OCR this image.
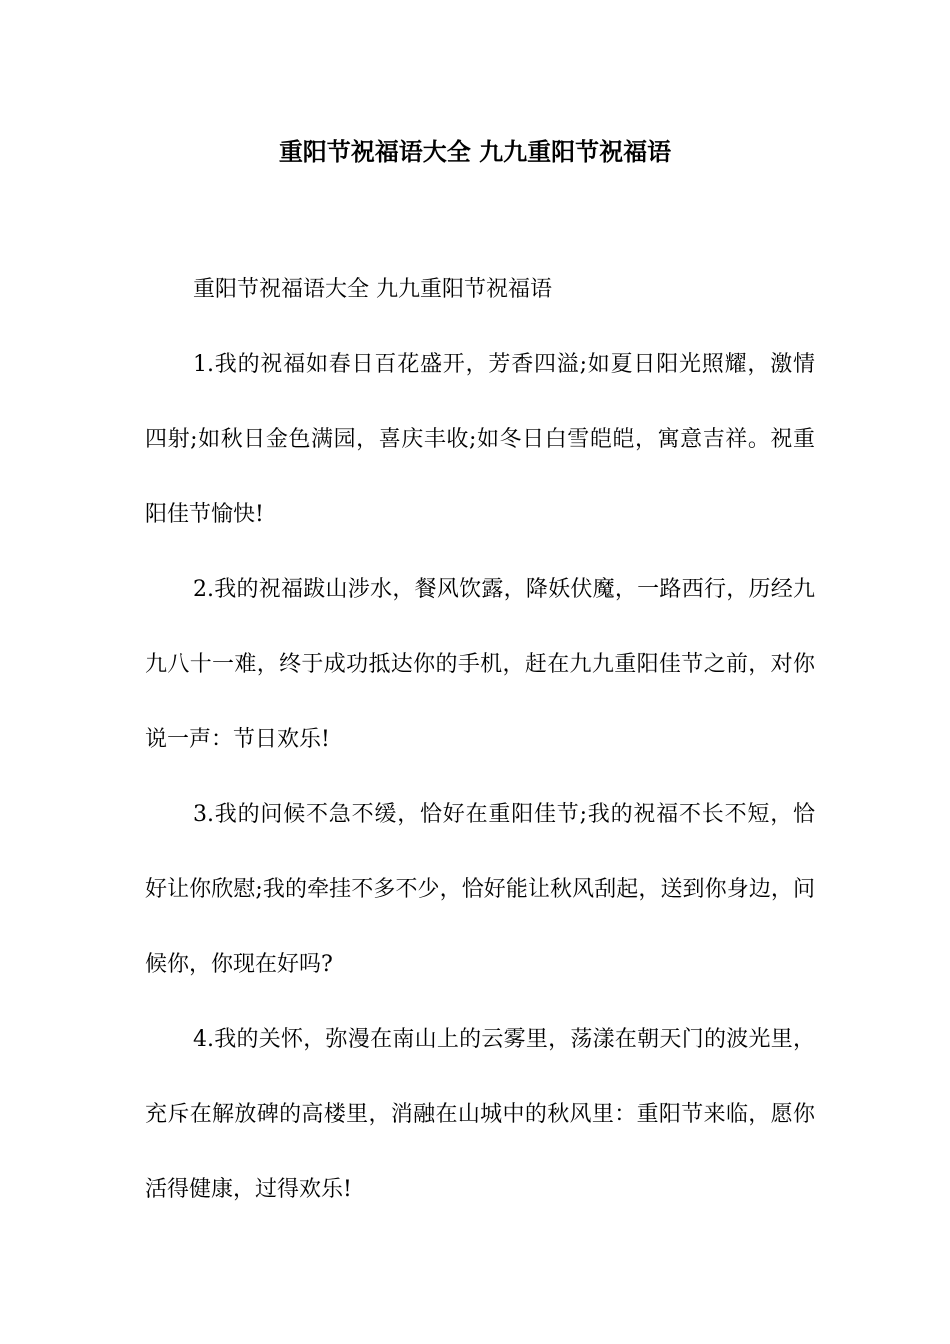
重阳节祝福语大全 九九重阳节祝福语

重阳节祝福语大全 九九重阳节祝福语

1.我的祝福如春日百花盛开，芳香四溢;如夏日阳光照耀，激情四射;如秋日金色满园，喜庆丰收;如冬日白雪皑皑，寓意吉祥。祝重阳佳节愉快!

2.我的祝福跋山涉水，餐风饮露，降妖伏魔，一路西行，历经九九八十一难，终于成功抵达你的手机，赶在九九重阳佳节之前，对你说一声：节日欢乐!

3.我的问候不急不缓，恰好在重阳佳节;我的祝福不长不短，恰好让你欣慰;我的牵挂不多不少，恰好能让秋风刮起，送到你身边，问候你，你现在好吗?

4.我的关怀，弥漫在南山上的云雾里，荡漾在朝天门的波光里，充斥在解放碑的高楼里，消融在山城中的秋风里：重阳节来临，愿你活得健康，过得欢乐!
